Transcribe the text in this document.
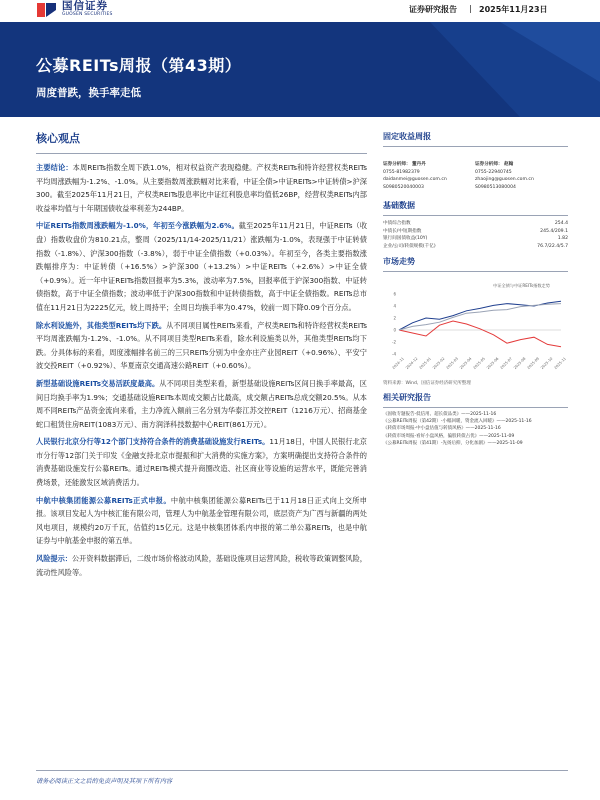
国信证券
GUOSEN SECURITIES
证券研究报告 | 2025年11月23日
公募REITs周报（第43期）
周度普跌，换手率走低
核心观点
主要结论：本周REITs指数全周下跌1.0%，相对权益资产表现稳健。产权类REITs和特许经营权类REITs平均周涨跌幅为-1.2%、-1.0%。从主要指数周涨跌幅对比来看，中证全债>中证REITs>中证转债>沪深300。截至2025年11月21日，产权类REITs股息率比中证红利股息率均值低26BP，经营权类REITs内部收益率均值与十年期国债收益率利差为244BP。
中证REITs指数周涨跌幅为-1.0%，年初至今涨跌幅为2.6%。截至2025年11月21日，中证REITs（收盘）指数收盘价为810.21点，整周（2025/11/14-2025/11/21）涨跌幅为-1.0%，表现强于中证转债指数（-1.8%）、沪深300指数（-3.8%），弱于中证全债指数（+0.03%）。年初至今，各类主要指数涨跌幅排序为：中证转债（+16.5%）>沪深300（+13.2%）>中证REITs（+2.6%）>中证全债（+0.9%）。近一年中证REITs指数回报率为5.3%，波动率为7.5%，回报率低于沪深300指数、中证转债指数，高于中证全债指数；波动率低于沪深300指数和中证转债指数，高于中证全债指数。REITs总市值在11月21日为2225亿元，较上周持平；全周日均换手率为0.47%，较前一周下降0.09个百分点。
除水利设施外，其他类型REITs均下跌。从不同项目属性REITs来看，产权类REITs和特许经营权类REITs平均周涨跌幅为-1.2%、-1.0%。从不同项目类型REITs来看，除水利设施类以外，其他类型REITs均下跌。分具体标的来看，周度涨幅排名前三的三只REITs分别为中金亦庄产业园REIT（+0.96%）、平安宁波交投REIT（+0.92%）、华夏南京交通高速公路REIT（+0.60%）。
新型基础设施REITs交易活跃度最高。从不同项目类型来看，新型基础设施REITs区间日换手率最高，区间日均换手率为1.9%；交通基础设施REITs本周成交额占比最高，成交额占REITs总成交额20.5%。从本周不同REITs产品资金流向来看，主力净流入额前三名分别为华泰江苏交控REIT（1216万元）、招商基金蛇口租赁住房REIT(1083万元）、南方润泽科技数据中心REIT(861万元）。
人民银行北京分行等12个部门支持符合条件的消费基础设施发行REITs。11月18日，中国人民银行北京市分行等12部门关于印发《金融支持北京市提振和扩大消费的实施方案》，方案明确提出支持符合条件的消费基础设施发行公募REITs。通过REITs模式提升商圈改造、社区商业等设施的运营水平，既能完善消费场景，还能激发区域消费活力。
中航中核集团能源公募REITs正式申报。中航中核集团能源公募REITs已于11月18日正式向上交所申报。该项目发起人为中核汇能有限公司，管理人为中航基金管理有限公司，底层资产为广西与新疆的两处风电项目，规模约20万千瓦，估值约15亿元。这是中核集团体系内申报的第二单公募REITs，也是中航证券与中航基金申报的第五单。
风险提示：公开资料数据滞后，二级市场价格波动风险，基础设施项目运营风险，税收等政策调整风险，流动性风险等。
固定收益周报
证券分析师： 董丹丹
0755-81982379
daidanmei@guosen.com.cn
S0980520040003
证券分析师： 赵翰
0755-22940745
zhaojing@guosen.com.cn
S0980513080004
基础数据
中债综合指数	254.4
中债长/中短期指数	245.4/209.1
银行间国债收益(10Y)	1.82
企业/公司/转债规模(千亿)	76.7/22.4/5.7
市场走势
中证全债与中证REITs指数走势
-4
-2
0
2
4
6
2024-11 2024-12 2025-01 2025-02 2025-03 2025-04 2025-05 2025-06 2025-07 2025-08 2025-09 2025-10 2025-11
资料来源：Wind、国信证券经济研究所整理
相关研究报告
《固收专题报告-低信用、超长债品类》——2025-11-16
《公募REITs周报（第42期）-小幅回暖，资金流入回暖》——2025-11-16
《转债市场周报-中小盘估值与转债风格》——2025-11-16
《转债市场周报-看好小盘风格，偏股转债占优》——2025-11-09
《公募REITs周报（第41期）-先扬后抑，分化加剧》——2025-11-09
请务必阅读正文之后的免责声明及其项下所有内容
